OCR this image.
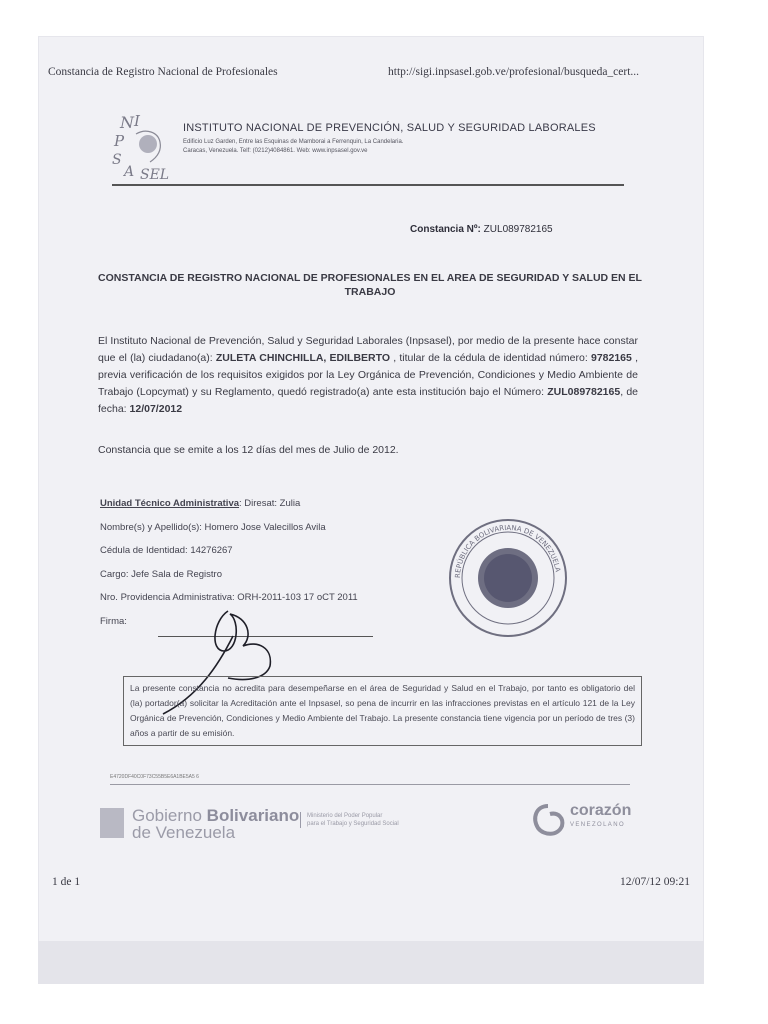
Constancia de Registro Nacional de Profesionales	http://sigi.inpsasel.gob.ve/profesional/busqueda_cert...
N I
P
S
A SEL
INSTITUTO NACIONAL DE PREVENCIÓN, SALUD Y SEGURIDAD LABORALES
Edificio Luz Garden, Entre las Esquinas de Mamborai a Ferrenquin, La Candelaria.
Caracas, Venezuela. Telf: (0212)4084861. Web: www.inpsasel.gov.ve
Constancia Nº: ZUL089782165
CONSTANCIA DE REGISTRO NACIONAL DE PROFESIONALES EN EL AREA DE SEGURIDAD Y SALUD EN EL TRABAJO
El Instituto Nacional de Prevención, Salud y Seguridad Laborales (Inpsasel), por medio de la presente hace constar que el (la) ciudadano(a): ZULETA CHINCHILLA, EDILBERTO , titular de la cédula de identidad número: 9782165 , previa verificación de los requisitos exigidos por la Ley Orgánica de Prevención, Condiciones y Medio Ambiente de Trabajo (Lopcymat) y su Reglamento, quedó registrado(a) ante esta institución bajo el Número: ZUL089782165, de fecha: 12/07/2012
Constancia que se emite a los 12 días del mes de Julio de 2012.
Unidad Técnico Administrativa: Diresat: Zulia
Nombre(s) y Apellido(s): Homero Jose Valecillos Avila
Cédula de Identidad: 14276267
Cargo: Jefe Sala de Registro
Nro. Providencia Administrativa: ORH-2011-103 17 oCT 2011
Firma:
REPÚBLICA BOLIVARIANA DE VENEZUELA
La presente constancia no acredita para desempeñarse en el área de Seguridad y Salud en el Trabajo, por tanto es obligatorio del (la) portador(a) solicitar la Acreditación ante el Inpsasel, so pena de incurrir en las infracciones previstas en el artículo 121 de la Ley Orgánica de Prevención, Condiciones y Medio Ambiente del Trabajo. La presente constancia tiene vigencia por un período de tres (3) años a partir de su emisión.
E4720DF40C0F73C55B5E6A1BE5A5 6
Gobierno Bolivariano
de Venezuela
Ministerio del Poder Popular
para el Trabajo y Seguridad Social
corazón
VENEZOLANO
1 de 1	12/07/12 09:21
